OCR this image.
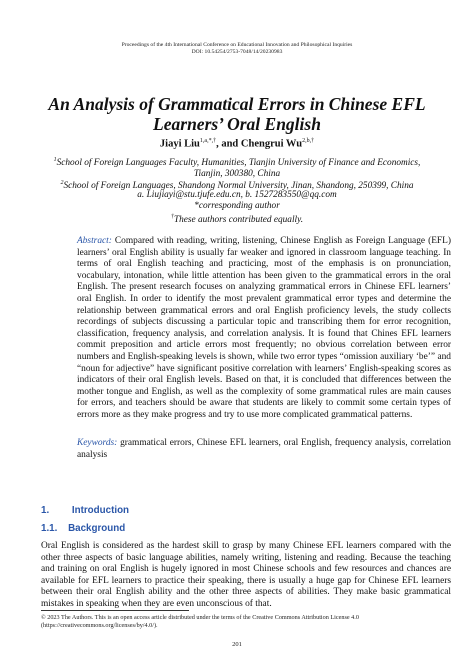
Proceedings of the 4th International Conference on Educational Innovation and Philosophical Inquiries
DOI: 10.54254/2753-7048/14/20230983
An Analysis of Grammatical Errors in Chinese EFL
Learners’ Oral English
Jiayi Liu$^{1,a,*,\dagger}$, and Chengrui $Wu^{2,b,\dagger}$
$^1$School of Foreign Languages Faculty, Humanities, Tianjin University of Finance and Economics,
Tianjin, 300380, China
$^2$School of Foreign Languages, Shandong Normal University, Jinan, Shandong, 250399, China
a. Liujiayi@stu.tjufe.edu.cn, b. 1527283550@qq.com
*corresponding author
†These authors contributed equally.
Abstract: Compared with reading, writing, listening, Chinese English as Foreign Language (EFL) learners’ oral English ability is usually far weaker and ignored in classroom language teaching. In terms of oral English teaching and practicing, most of the emphasis is on pronunciation, vocabulary, intonation, while little attention has been given to the grammatical errors in the oral English. The present research focuses on analyzing grammatical errors in Chinese EFL learners’ oral English. In order to identify the most prevalent grammatical error types and determine the relationship between grammatical errors and oral English proficiency levels, the study collects recordings of subjects discussing a particular topic and transcribing them for error recognition, classification, frequency analysis, and correlation analysis. It is found that Chines EFL learners commit preposition and article errors most frequently; no obvious correlation between error numbers and English-speaking levels is shown, while two error types “omission auxiliary ‘be’” and “noun for adjective” have significant positive correlation with learners’ English-speaking scores as indicators of their oral English levels. Based on that, it is concluded that differences between the mother tongue and English, as well as the complexity of some grammatical rules are main causes for errors, and teachers should be aware that students are likely to commit some certain types of errors more as they make progress and try to use more complicated grammatical patterns.
Keywords: grammatical errors, Chinese EFL learners, oral English, frequency analysis, correlation analysis
1. Introduction
1.1. Background
Oral English is considered as the hardest skill to grasp by many Chinese EFL learners compared with the other three aspects of basic language abilities, namely writing, listening and reading. Because the teaching and training on oral English is hugely ignored in most Chinese schools and few resources and chances are available for EFL learners to practice their speaking, there is usually a huge gap for Chinese EFL learners between their oral English ability and the other three aspects of abilities. They make basic grammatical mistakes in speaking when they are even unconscious of that.
© 2023 The Authors. This is an open access article distributed under the terms of the Creative Commons Attribution License 4.0
(https://creativecommons.org/licenses/by/4.0/).
201
